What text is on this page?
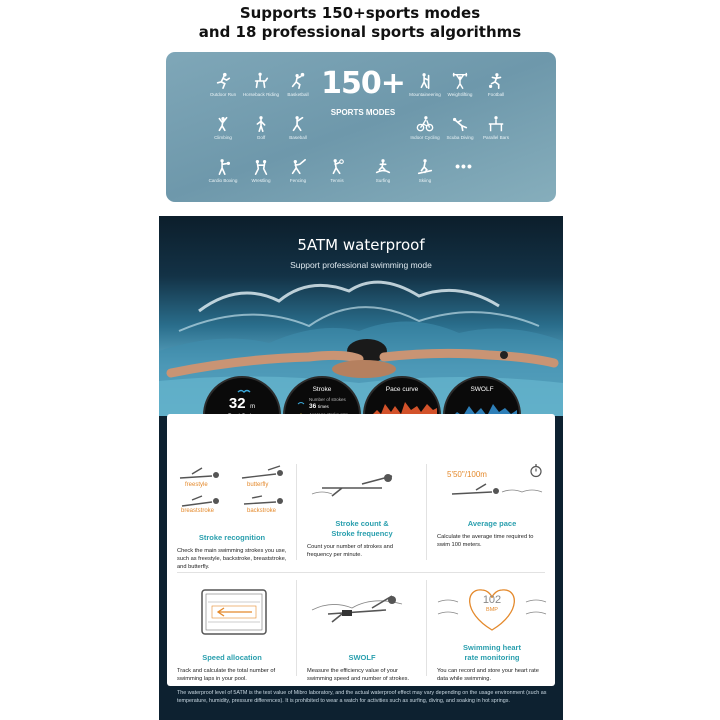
Supports 150+sports modes
and 18 professional sports algorithms
150+
SPORTS MODES
Outdoor Run	Horseback Riding	Basketball	Mountaineering	Weightlifting	Football
Climbing	Golf	Baseball	Indoor Cycling	Scuba Diving	Parallel Bars
Cardio Boxing	Wrestling	Fencing	Tennis	Surfing	Skiing
•••
5ATM waterproof
Support professional swimming mode
32 m
Stroke
Number of strokes
36 times
Pace curve	SWOLF
freestyle	butterfly
breaststroke	backstroke
Stroke recognition
Check the main swimming strokes you use, such as freestyle, backstroke, breaststroke, and butterfly.
Stroke count &
Stroke frequency
Count your number of strokes and frequency per minute.
5'50"/100m
Average pace
Calculate the average time required to swim 100 meters.
Speed allocation
Track and calculate the total number of swimming laps in your pool.
SWOLF
Measure the efficiency value of your swimming speed and number of strokes.
102
BMP
Swimming heart
rate monitoring
You can record and store your heart rate data while swimming.
The waterproof level of 5ATM is the test value of Mibro laboratory, and the actual waterproof effect may vary depending on the usage environment (such as temperature, humidity, pressure differences). It is prohibited to wear a watch for activities such as surfing, diving, and soaking in hot springs.
